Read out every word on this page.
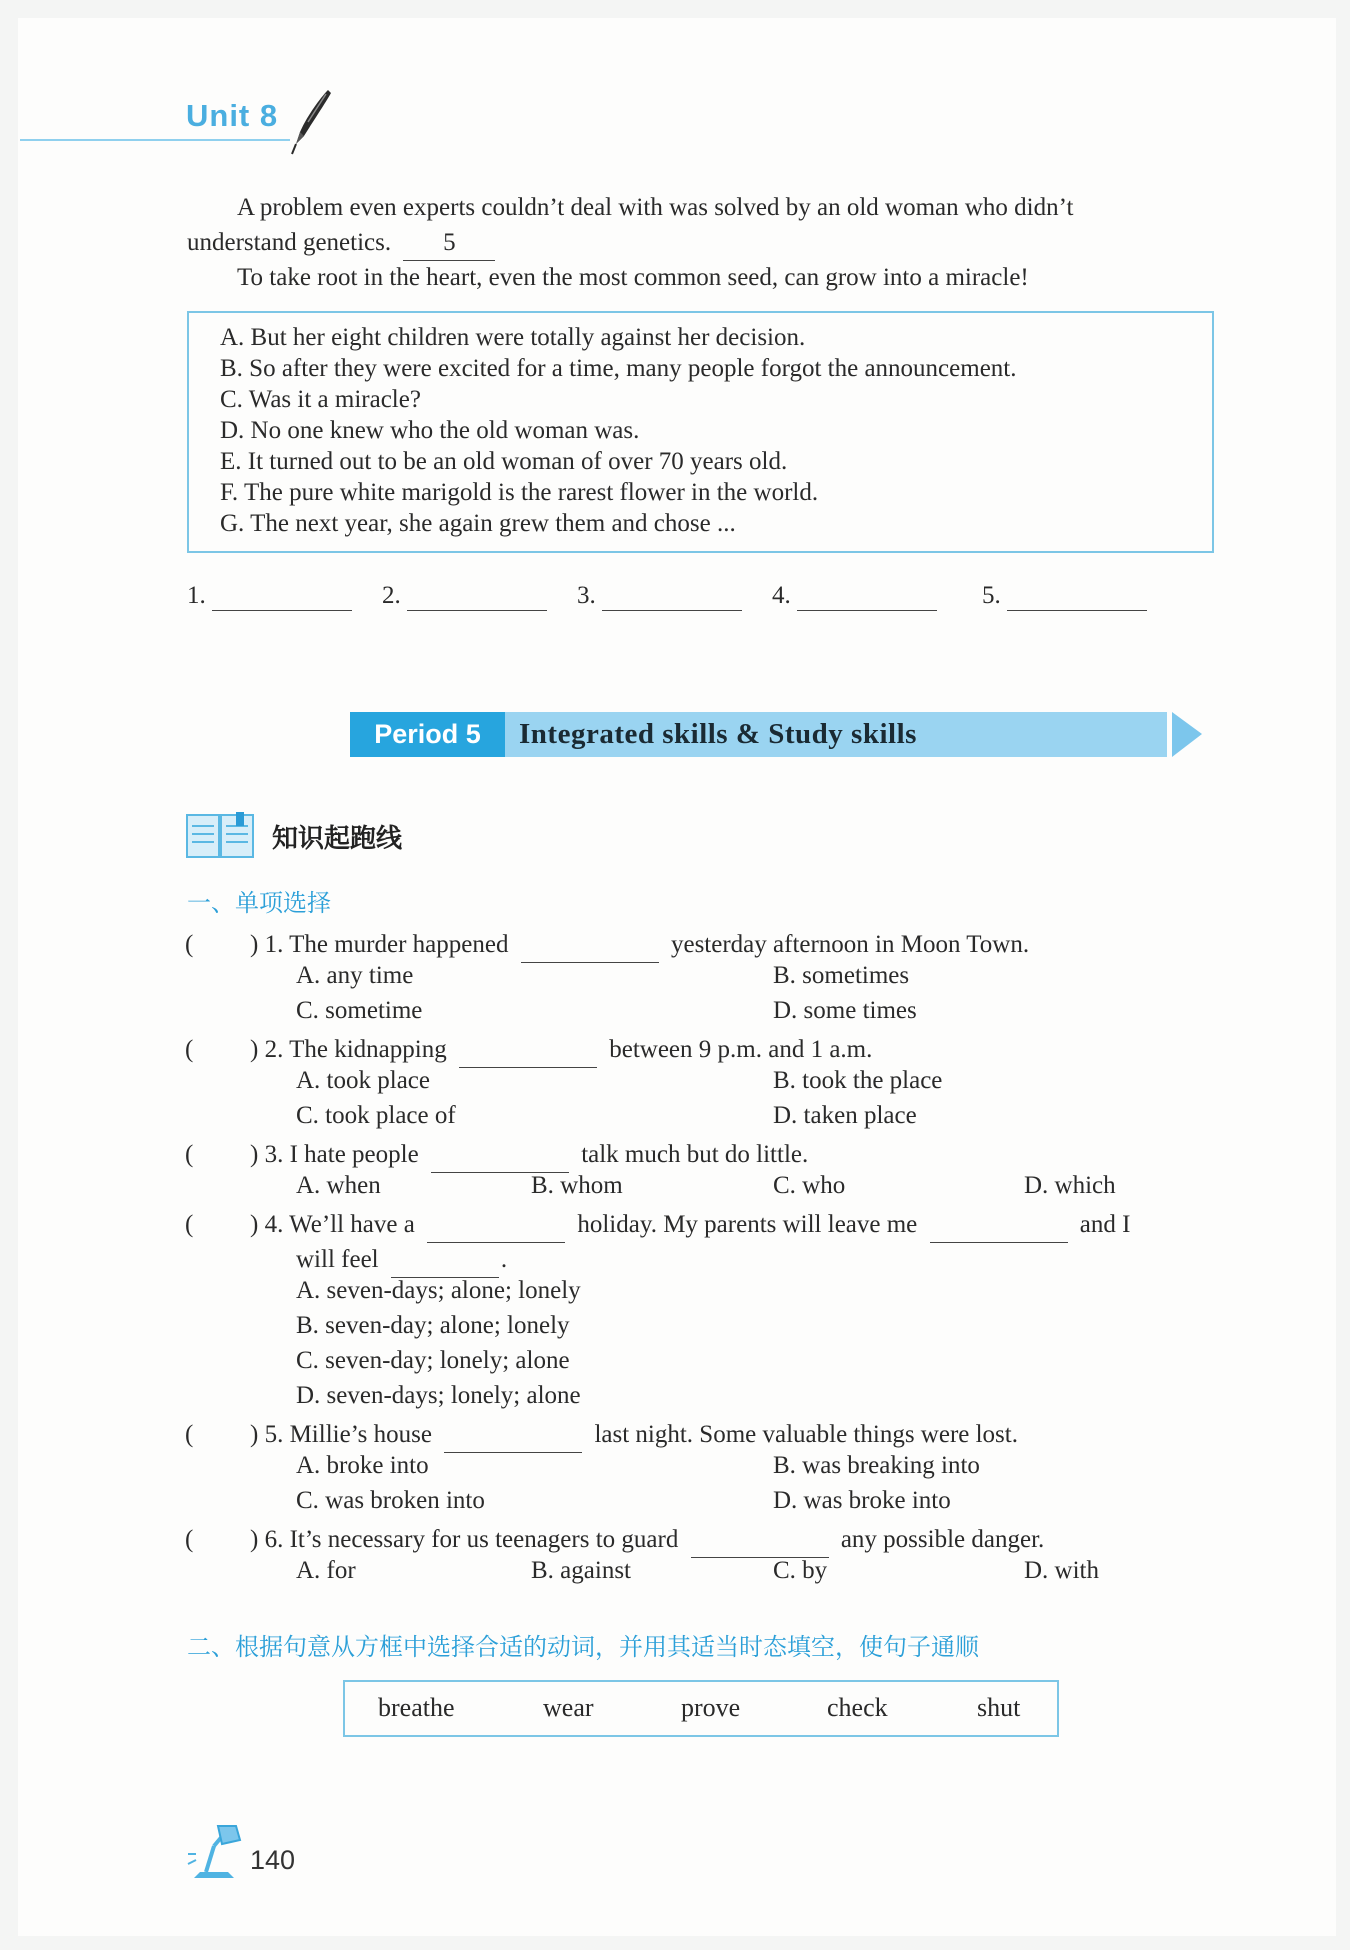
Unit 8
A problem even experts couldn’t deal with was solved by an old woman who didn’t
understand genetics. 5
To take root in the heart, even the most common seed, can grow into a miracle!
A. But her eight children were totally against her decision.
B. So after they were excited for a time, many people forgot the announcement.
C. Was it a miracle?
D. No one knew who the old woman was.
E. It turned out to be an old woman of over 70 years old.
F. The pure white marigold is the rarest flower in the world.
G. The next year, she again grew them and chose ...
1.	2.	3.	4.	5.
Period 5	Integrated skills & Study skills
知识起跑线
一、单项选择
( ) 1. The murder happened	yesterday afternoon in Moon Town.
A. any time	B. sometimes
C. sometime	D. some times
( ) 2. The kidnapping	between 9 p.m. and 1 a.m.
A. took place	B. took the place
C. took place of	D. taken place
( ) 3. I hate people	talk much but do little.
A. when	B. whom	C. who	D. which
( ) 4. We’ll have a	holiday. My parents will leave me	and I
will feel	.
A. seven-days; alone; lonely
B. seven-day; alone; lonely
C. seven-day; lonely; alone
D. seven-days; lonely; alone
( ) 5. Millie’s house	last night. Some valuable things were lost.
A. broke into	B. was breaking into
C. was broken into	D. was broke into
( ) 6. It’s necessary for us teenagers to guard	any possible danger.
A. for	B. against	C. by	D. with
二、根据句意从方框中选择合适的动词，并用其适当时态填空，使句子通顺
breathe	wear	prove	check	shut
140
